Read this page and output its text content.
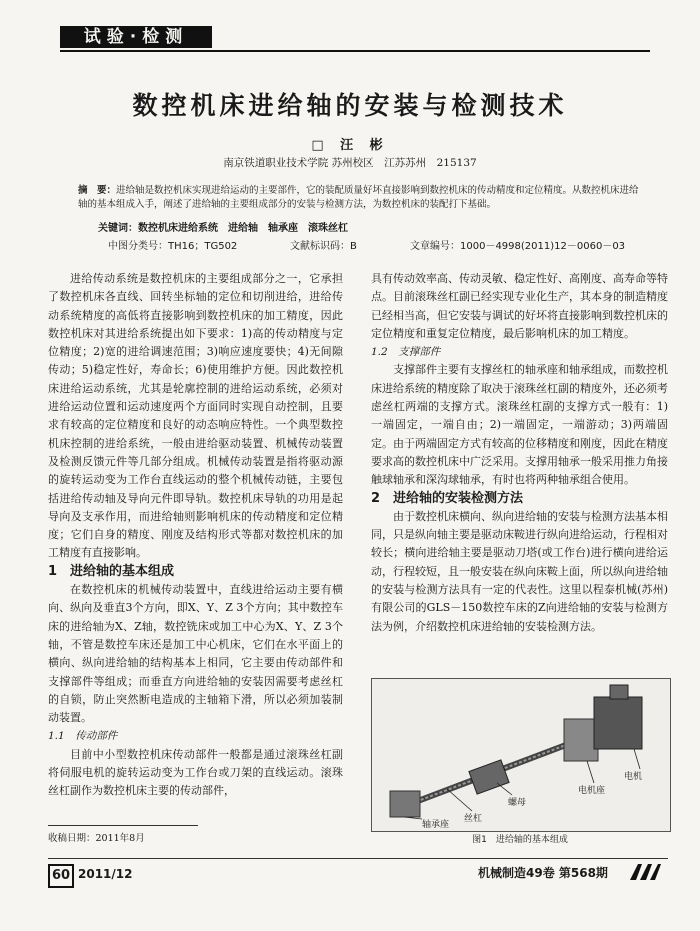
试验·检测
数控机床进给轴的安装与检测技术
□ 汪 彬
南京铁道职业技术学院 苏州校区　江苏苏州　215137
摘　要：进给轴是数控机床实现进给运动的主要部件，它的装配质量好坏直接影响到数控机床的传动精度和定位精度。从数控机床进给轴的基本组成入手，阐述了进给轴的主要组成部分的安装与检测方法，为数控机床的装配打下基础。
关键词：数控机床进给系统　进给轴　轴承座　滚珠丝杠
中图分类号：TH16；TG502	文献标识码：B	文章编号：1000－4998(2011)12－0060－03

进给传动系统是数控机床的主要组成部分之一，它承担了数控机床各直线、回转坐标轴的定位和切削进给，进给传动系统精度的高低将直接影响到数控机床的加工精度，因此数控机床对其进给系统提出如下要求：1)高的传动精度与定位精度；2)宽的进给调速范围；3)响应速度要快；4)无间隙传动；5)稳定性好，寿命长；6)使用维护方便。因此数控机床进给运动系统，尤其是轮廓控制的进给运动系统，必须对进给运动位置和运动速度两个方面同时实现自动控制，且要求有较高的定位精度和良好的动态响应特性。一个典型数控机床控制的进给系统，一般由进给驱动装置、机械传动装置及检测反馈元件等几部分组成。机械传动装置是指将驱动源的旋转运动变为工作台直线运动的整个机械传动链，主要包括进给传动轴及导向元件即导轨。数控机床导轨的功用是起导向及支承作用，而进给轴则影响机床的传动精度和定位精度；它们自身的精度、刚度及结构形式等都对数控机床的加工精度有直接影响。

1　进给轴的基本组成

在数控机床的机械传动装置中，直线进给运动主要有横向、纵向及垂直3个方向，即X、Y、Z 3个方向；其中数控车床的进给轴为X、Z轴，数控铣床或加工中心为X、Y、Z 3个轴，不管是数控车床还是加工中心机床，它们在水平面上的横向、纵向进给轴的结构基本上相同，它主要由传动部件和支撑部件等组成；而垂直方向进给轴的安装因需要考虑丝杠的自锁，防止突然断电造成的主轴箱下滑，所以必须加装制动装置。

1.1　传动部件

目前中小型数控机床传动部件一般都是通过滚珠丝杠副将伺服电机的旋转运动变为工作台或刀架的直线运动。滚珠丝杠副作为数控机床主要的传动部件，

具有传动效率高、传动灵敏、稳定性好、高刚度、高寿命等特点。目前滚珠丝杠副已经实现专业化生产，其本身的制造精度已经相当高，但它安装与调试的好坏将直接影响到数控机床的定位精度和重复定位精度，最后影响机床的加工精度。

1.2　支撑部件

支撑部件主要有支撑丝杠的轴承座和轴承组成，而数控机床进给系统的精度除了取决于滚珠丝杠副的精度外，还必须考虑丝杠两端的支撑方式。滚珠丝杠副的支撑方式一般有：1)一端固定，一端自由；2)一端固定，一端游动；3)两端固定。由于两端固定方式有较高的位移精度和刚度，因此在精度要求高的数控机床中广泛采用。支撑用轴承一般采用推力角接触球轴承和深沟球轴承，有时也将两种轴承组合使用。

2　进给轴的安装检测方法

由于数控机床横向、纵向进给轴的安装与检测方法基本相同，只是纵向轴主要是驱动床鞍进行纵向进给运动，行程相对较长；横向进给轴主要是驱动刀塔(或工作台)进行横向进给运动，行程较短，且一般安装在纵向床鞍上面，所以纵向进给轴的安装与检测方法具有一定的代表性。这里以程泰机械(苏州)有限公司的GLS－150数控车床的Z向进给轴的安装与检测方法为例，介绍数控机床进给轴的安装检测方法。

电机
电机座
螺母
丝杠
轴承座
图1　进给轴的基本组成
收稿日期：2011年8月
60 2011/12	机械制造49卷 第568期
